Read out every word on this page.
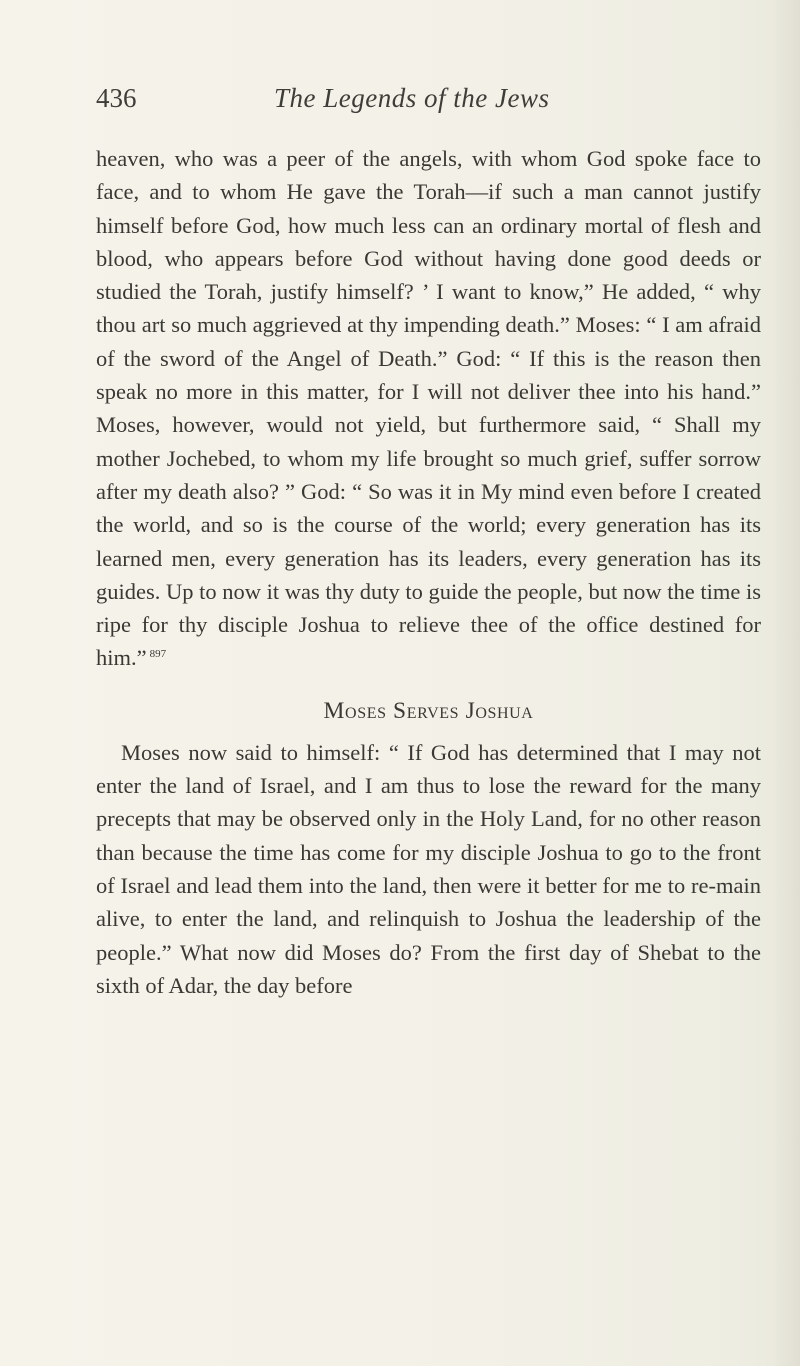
436	The Legends of the Jews

heaven, who was a peer of the angels, with whom God spoke face to face, and to whom He gave the Torah—if such a man cannot justify himself before God, how much less can an ordinary mortal of flesh and blood, who appears before God without having done good deeds or studied the Torah, justify himself? ’ I want to know,” He added, “ why thou art so much aggrieved at thy impending death.” Moses: “ I am afraid of the sword of the Angel of Death.” God: “ If this is the reason then speak no more in this matter, for I will not deliver thee into his hand.” Moses, however, would not yield, but furthermore said, “ Shall my mother Jochebed, to whom my life brought so much grief, suffer sorrow after my death also? ” God: “ So was it in My mind even before I created the world, and so is the course of the world; every generation has its learned men, every generation has its leaders, every generation has its guides. Up to now it was thy duty to guide the people, but now the time is ripe for thy disciple Joshua to relieve thee of the office destined for him.” $^{897}$

Moses Serves Joshua

Moses now said to himself: “ If God has determined that I may not enter the land of Israel, and I am thus to lose the reward for the many precepts that may be observed only in the Holy Land, for no other reason than because the time has come for my disciple Joshua to go to the front of Israel and lead them into the land, then were it better for me to re-main alive, to enter the land, and relinquish to Joshua the leadership of the people.” What now did Moses do? From the first day of Shebat to the sixth of Adar, the day before
